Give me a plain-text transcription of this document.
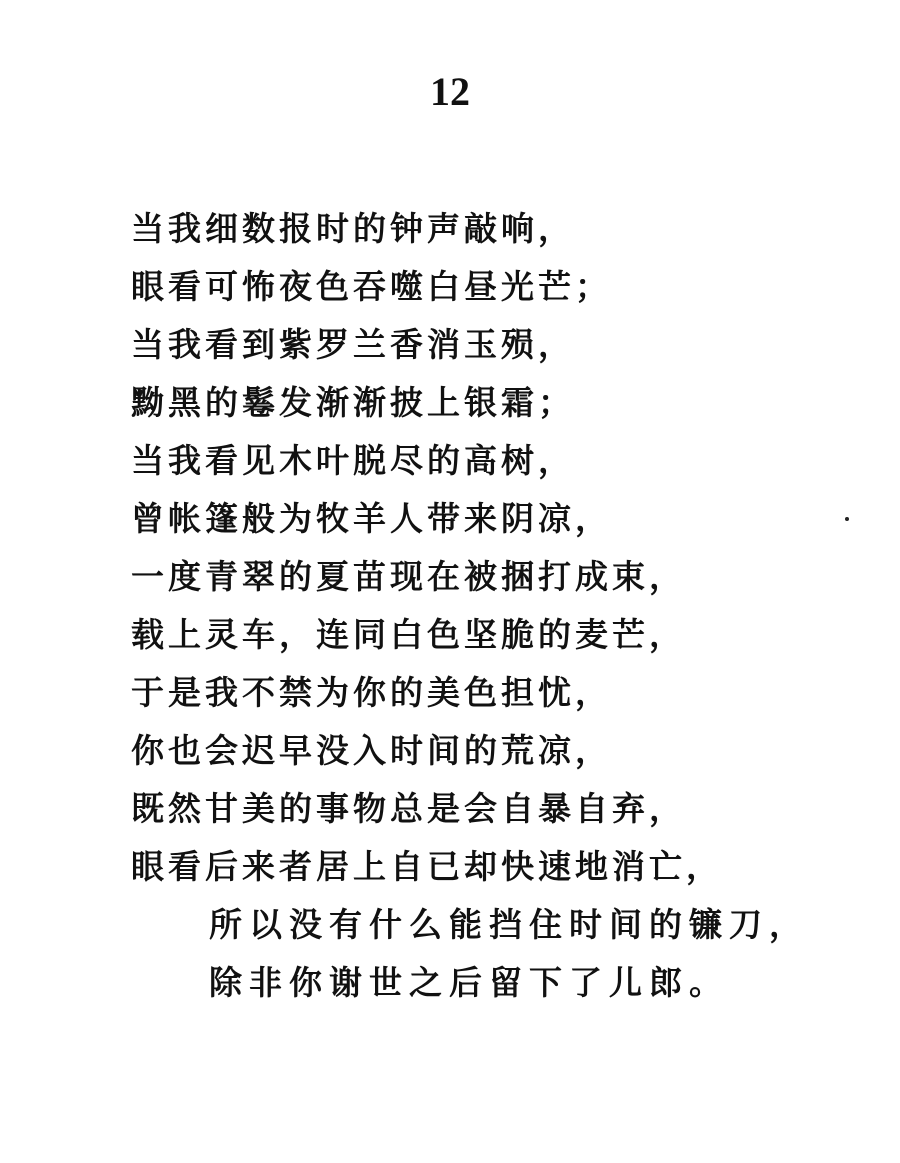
12
当我细数报时的钟声敲响，
眼看可怖夜色吞噬白昼光芒；
当我看到紫罗兰香消玉殒，
黝黑的鬈发渐渐披上银霜；
当我看见木叶脱尽的高树，
曾帐篷般为牧羊人带来阴凉，
一度青翠的夏苗现在被捆打成束，
载上灵车，连同白色坚脆的麦芒，
于是我不禁为你的美色担忧，
你也会迟早没入时间的荒凉，
既然甘美的事物总是会自暴自弃，
眼看后来者居上自已却快速地消亡，
所以没有什么能挡住时间的镰刀，
除非你谢世之后留下了儿郎。
